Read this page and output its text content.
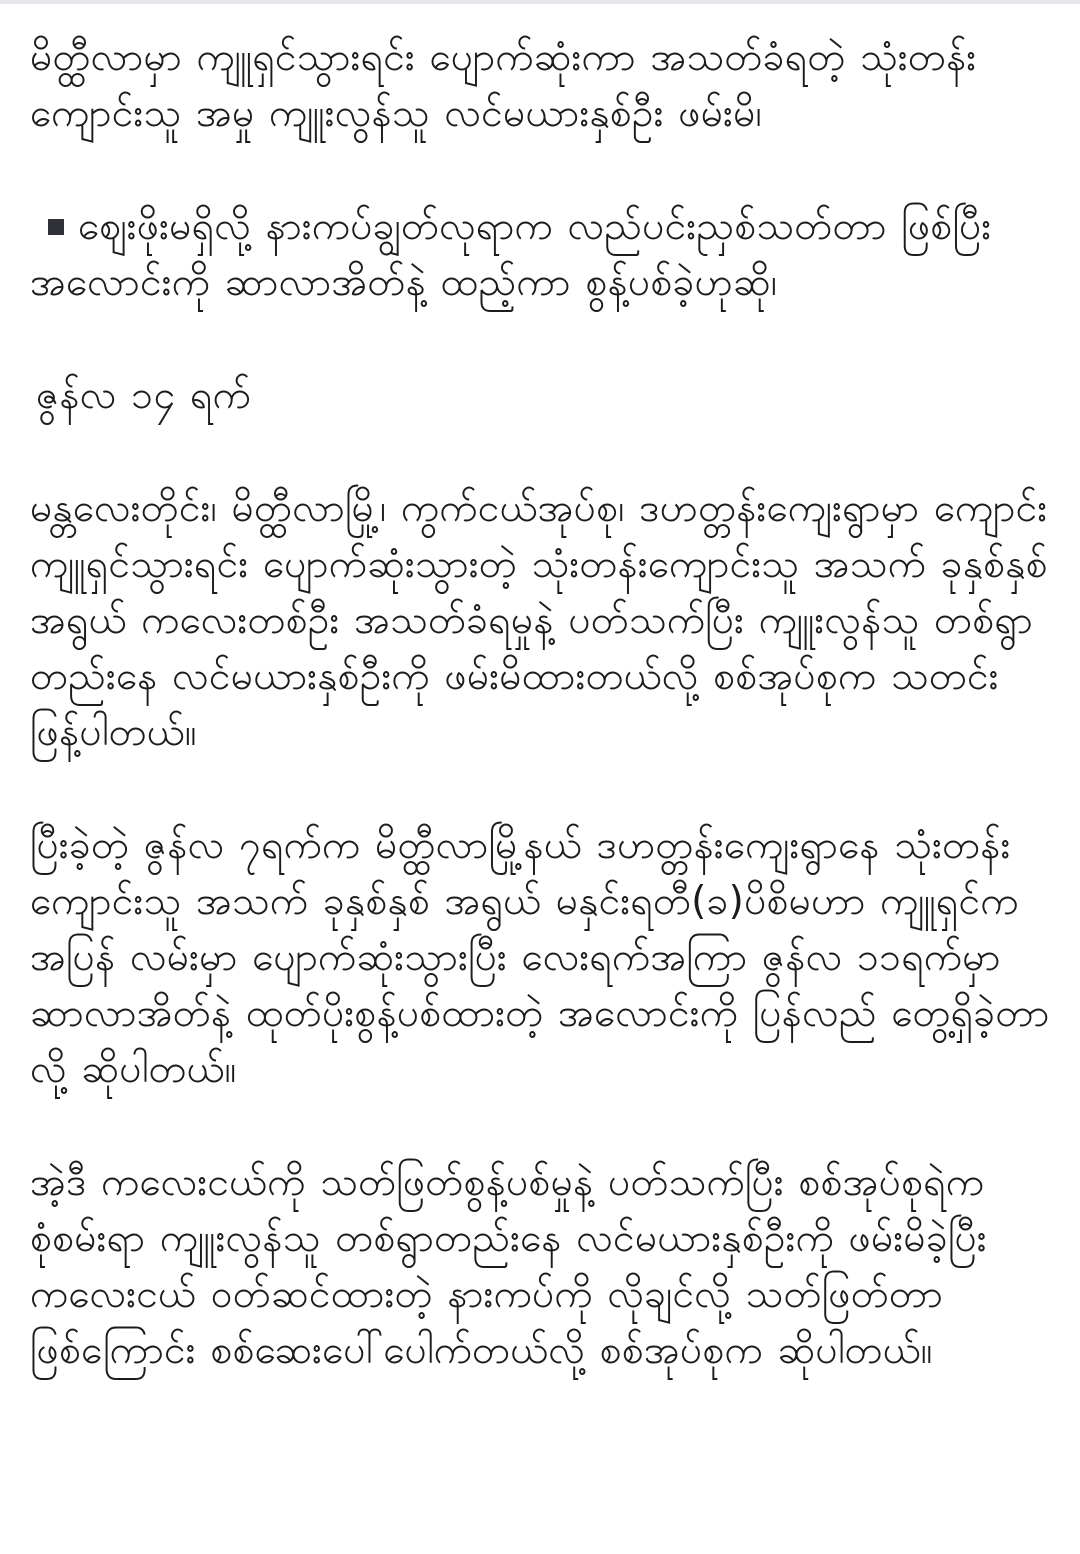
မိတ္ထီလာမှာ ကျူရှင်သွားရင်း ပျောက်ဆုံးကာ အသတ်ခံရတဲ့ သုံးတန်းကျောင်းသူ အမှု ကျူးလွန်သူ လင်မယားနှစ်ဦး ဖမ်းမိ၊

ဈေးဖိုးမရှိလို့ နားကပ်ချွတ်လုရာက လည်ပင်းညှစ်သတ်တာ ဖြစ်ပြီး အလောင်းကို ဆာလာအိတ်နဲ့ ထည့်ကာ စွန့်ပစ်ခဲ့ဟုဆို၊

ဇွန်လ ၁၄ ရက်

မန္တလေးတိုင်း၊ မိတ္ထီလာမြို့၊ ကွက်ငယ်အုပ်စု၊ ဒဟတ္တန်းကျေးရွာမှာ ကျောင်းကျူရှင်သွားရင်း ပျောက်ဆုံးသွားတဲ့ သုံးတန်းကျောင်းသူ အသက် ခုနှစ်နှစ်အရွယ် ကလေးတစ်ဦး အသတ်ခံရမှုနဲ့ ပတ်သက်ပြီး ကျူးလွန်သူ တစ်ရွာတည်းနေ လင်မယားနှစ်ဦးကို ဖမ်းမိထားတယ်လို့ စစ်အုပ်စုက သတင်း ဖြန့်ပါတယ်။

ပြီးခဲ့တဲ့ ဇွန်လ ၇ရက်က မိတ္ထီလာမြို့နယ် ဒဟတ္တန်းကျေးရွာနေ သုံးတန်းကျောင်းသူ အသက် ခုနှစ်နှစ် အရွယ် မနှင်းရတီ(ခ)ပိစိမဟာ ကျူရှင်က အပြန် လမ်းမှာ ပျောက်ဆုံးသွားပြီး လေးရက်အကြာ ဇွန်လ ၁၁ရက်မှာ ဆာလာအိတ်နဲ့ ထုတ်ပိုးစွန့်ပစ်ထားတဲ့ အလောင်းကို ပြန်လည် တွေ့ရှိခဲ့တာလို့ ဆိုပါတယ်။

အဲ့ဒီ ကလေးငယ်ကို သတ်ဖြတ်စွန့်ပစ်မှုနဲ့ ပတ်သက်ပြီး စစ်အုပ်စုရဲက စုံစမ်းရာ ကျူးလွန်သူ တစ်ရွာတည်းနေ လင်မယားနှစ်ဦးကို ဖမ်းမိခဲ့ပြီး ကလေးငယ် ဝတ်ဆင်ထားတဲ့ နားကပ်ကို လိုချင်လို့ သတ်ဖြတ်တာ ဖြစ်ကြောင်း စစ်ဆေးပေါ်ပေါက်တယ်လို့ စစ်အုပ်စုက ဆိုပါတယ်။
